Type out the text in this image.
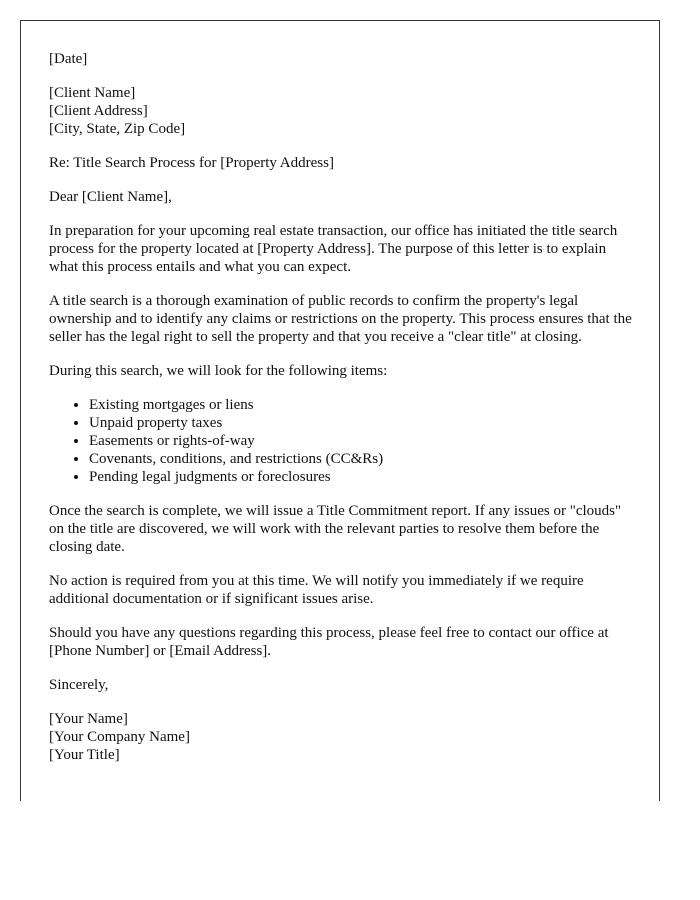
[Date]

[Client Name]
[Client Address]
[City, State, Zip Code]

Re: Title Search Process for [Property Address]

Dear [Client Name],

In preparation for your upcoming real estate transaction, our office has initiated the title search process for the property located at [Property Address]. The purpose of this letter is to explain what this process entails and what you can expect.

A title search is a thorough examination of public records to confirm the property's legal ownership and to identify any claims or restrictions on the property. This process ensures that the seller has the legal right to sell the property and that you receive a "clear title" at closing.

During this search, we will look for the following items:

• Existing mortgages or liens
• Unpaid property taxes
• Easements or rights-of-way
• Covenants, conditions, and restrictions (CC&Rs)
• Pending legal judgments or foreclosures

Once the search is complete, we will issue a Title Commitment report. If any issues or "clouds" on the title are discovered, we will work with the relevant parties to resolve them before the closing date.

No action is required from you at this time. We will notify you immediately if we require additional documentation or if significant issues arise.

Should you have any questions regarding this process, please feel free to contact our office at [Phone Number] or [Email Address].

Sincerely,

[Your Name]
[Your Company Name]
[Your Title]
